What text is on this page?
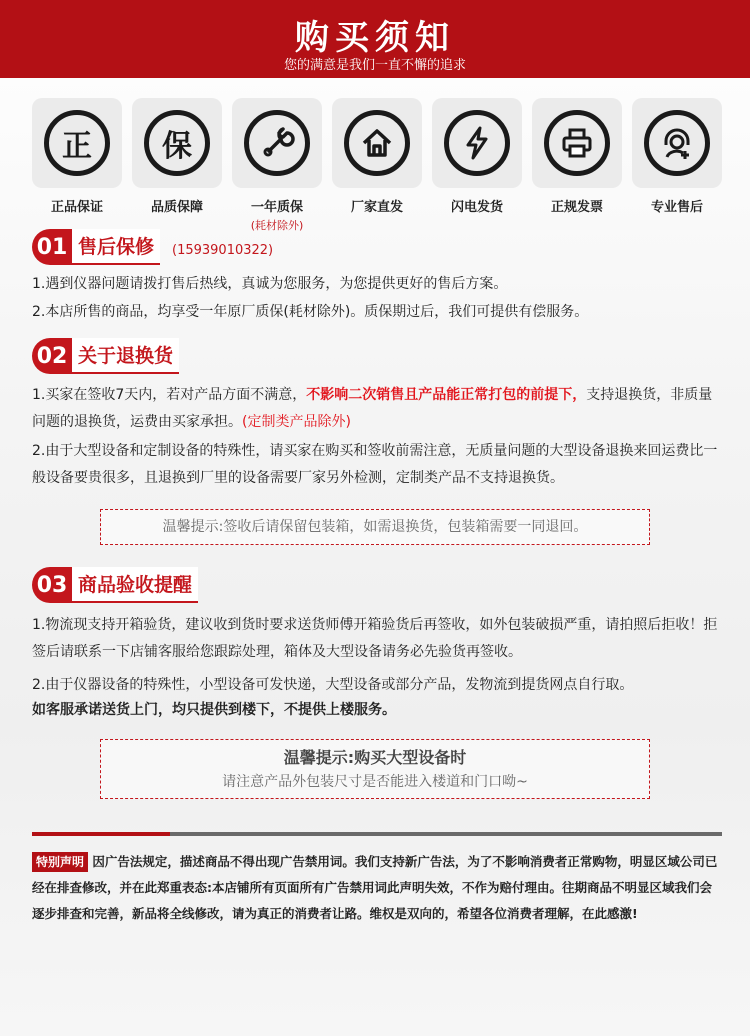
购买须知
您的满意是我们一直不懈的追求
正
正品保证
保
品质保障	一年质保
(耗材除外)
厂家直发	闪电发货	正规发票	专业售后
01 售后保修	(15939010322)
1.遇到仪器问题请拨打售后热线，真诚为您服务，为您提供更好的售后方案。
2.本店所售的商品，均享受一年原厂质保(耗材除外)。质保期过后，我们可提供有偿服务。
02 关于退换货
1.买家在签收7天内，若对产品方面不满意，不影响二次销售且产品能正常打包的前提下，支持退换货，非质量问题的退换货，运费由买家承担。(定制类产品除外)
2.由于大型设备和定制设备的特殊性，请买家在购买和签收前需注意，无质量问题的大型设备退换来回运费比一般设备要贵很多，且退换到厂里的设备需要厂家另外检测，定制类产品不支持退换货。
温馨提示:签收后请保留包装箱，如需退换货，包装箱需要一同退回。
03 商品验收提醒
1.物流现支持开箱验货，建议收到货时要求送货师傅开箱验货后再签收，如外包装破损严重，请拍照后拒收！拒签后请联系一下店铺客服给您跟踪处理，箱体及大型设备请务必先验货再签收。
2.由于仪器设备的特殊性，小型设备可发快递，大型设备或部分产品，发物流到提货网点自行取。
如客服承诺送货上门，均只提供到楼下，不提供上楼服务。
温馨提示:购买大型设备时
请注意产品外包装尺寸是否能进入楼道和门口呦~
特别声明 因广告法规定，描述商品不得出现广告禁用词。我们支持新广告法，为了不影响消费者正常购物，明显区域公司已经在排查修改，并在此郑重表态:本店铺所有页面所有广告禁用词此声明失效，不作为赔付理由。往期商品不明显区域我们会逐步排查和完善，新品将全线修改，请为真正的消费者让路。维权是双向的，希望各位消费者理解，在此感激!
